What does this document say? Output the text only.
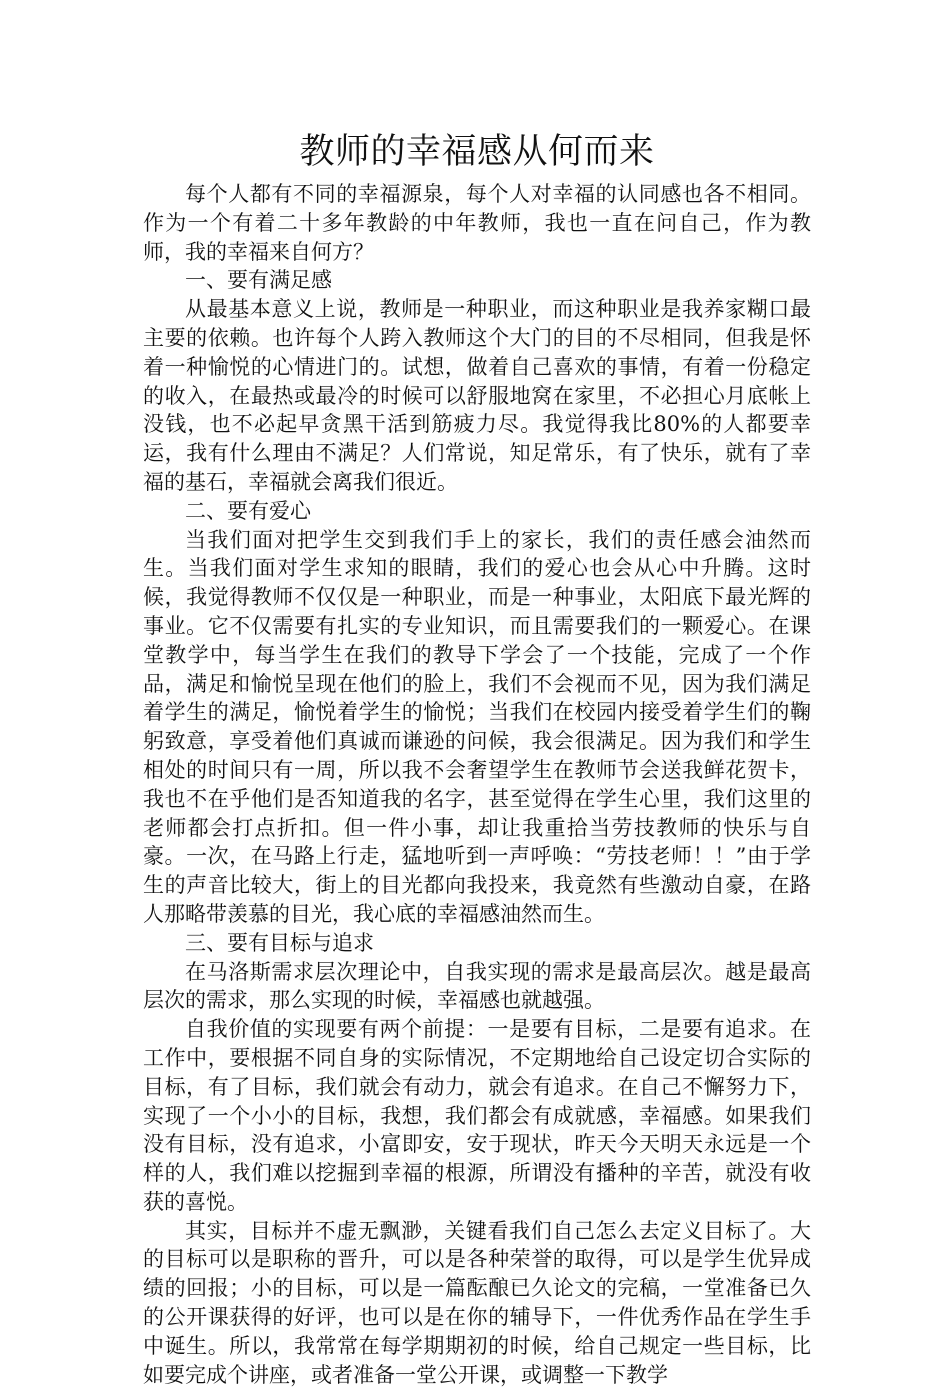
教师的幸福感从何而来

每个人都有不同的幸福源泉，每个人对幸福的认同感也各不相同。作为一个有着二十多年教龄的中年教师，我也一直在问自己，作为教师，我的幸福来自何方？

一、要有满足感

从最基本意义上说，教师是一种职业，而这种职业是我养家糊口最主要的依赖。也许每个人跨入教师这个大门的目的不尽相同，但我是怀着一种愉悦的心情进门的。试想，做着自己喜欢的事情，有着一份稳定的收入，在最热或最冷的时候可以舒服地窝在家里，不必担心月底帐上没钱，也不必起早贪黑干活到筋疲力尽。我觉得我比80%的人都要幸运，我有什么理由不满足？人们常说，知足常乐，有了快乐，就有了幸福的基石，幸福就会离我们很近。

二、要有爱心

当我们面对把学生交到我们手上的家长，我们的责任感会油然而生。当我们面对学生求知的眼睛，我们的爱心也会从心中升腾。这时候，我觉得教师不仅仅是一种职业，而是一种事业，太阳底下最光辉的事业。它不仅需要有扎实的专业知识，而且需要我们的一颗爱心。在课堂教学中，每当学生在我们的教导下学会了一个技能，完成了一个作品，满足和愉悦呈现在他们的脸上，我们不会视而不见，因为我们满足着学生的满足，愉悦着学生的愉悦；当我们在校园内接受着学生们的鞠躬致意，享受着他们真诚而谦逊的问候，我会很满足。因为我们和学生相处的时间只有一周，所以我不会奢望学生在教师节会送我鲜花贺卡，我也不在乎他们是否知道我的名字，甚至觉得在学生心里，我们这里的老师都会打点折扣。但一件小事，却让我重拾当劳技教师的快乐与自豪。一次，在马路上行走，猛地听到一声呼唤：“劳技老师！！”由于学生的声音比较大，街上的目光都向我投来，我竟然有些激动自豪，在路人那略带羡慕的目光，我心底的幸福感油然而生。

三、要有目标与追求

在马洛斯需求层次理论中，自我实现的需求是最高层次。越是最高层次的需求，那么实现的时候，幸福感也就越强。

自我价值的实现要有两个前提：一是要有目标，二是要有追求。在工作中，要根据不同自身的实际情况，不定期地给自己设定切合实际的目标，有了目标，我们就会有动力，就会有追求。在自己不懈努力下，实现了一个小小的目标，我想，我们都会有成就感，幸福感。如果我们没有目标，没有追求，小富即安，安于现状，昨天今天明天永远是一个样的人，我们难以挖掘到幸福的根源，所谓没有播种的辛苦，就没有收获的喜悦。

其实，目标并不虚无飘渺，关键看我们自己怎么去定义目标了。大的目标可以是职称的晋升，可以是各种荣誉的取得，可以是学生优异成绩的回报；小的目标，可以是一篇酝酿已久论文的完稿，一堂准备已久的公开课获得的好评，也可以是在你的辅导下，一件优秀作品在学生手中诞生。所以，我常常在每学期期初的时候，给自己规定一些目标，比如要完成个讲座，或者准备一堂公开课，或调整一下教学
